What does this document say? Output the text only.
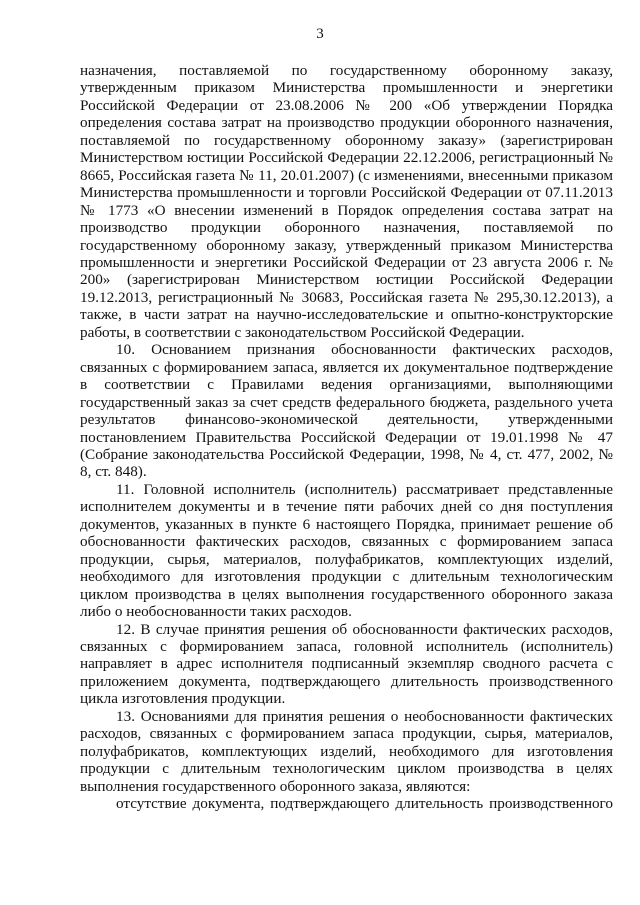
3

назначения, поставляемой по государственному оборонному заказу, утвержденным приказом Министерства промышленности и энергетики Российской Федерации от 23.08.2006 № 200 «Об утверждении Порядка определения состава затрат на производство продукции оборонного назначения, поставляемой по государственному оборонному заказу» (зарегистрирован Министерством юстиции Российской Федерации 22.12.2006, регистрационный № 8665, Российская газета № 11, 20.01.2007) (с изменениями, внесенными приказом Министерства промышленности и торговли Российской Федерации от 07.11.2013 № 1773 «О внесении изменений в Порядок определения состава затрат на производство продукции оборонного назначения, поставляемой по государственному оборонному заказу, утвержденный приказом Министерства промышленности и энергетики Российской Федерации от 23 августа 2006 г. № 200» (зарегистрирован Министерством юстиции Российской Федерации 19.12.2013, регистрационный № 30683, Российская газета № 295,30.12.2013), а также, в части затрат на научно-исследовательские и опытно-конструкторские работы, в соответствии с законодательством Российской Федерации.

10. Основанием признания обоснованности фактических расходов, связанных с формированием запаса, является их документальное подтверждение в соответствии с Правилами ведения организациями, выполняющими государственный заказ за счет средств федерального бюджета, раздельного учета результатов финансово-экономической деятельности, утвержденными постановлением Правительства Российской Федерации от 19.01.1998 № 47 (Собрание законодательства Российской Федерации, 1998, № 4, ст. 477, 2002, № 8, ст. 848).

11. Головной исполнитель (исполнитель) рассматривает представленные исполнителем документы и в течение пяти рабочих дней со дня поступления документов, указанных в пункте 6 настоящего Порядка, принимает решение об обоснованности фактических расходов, связанных с формированием запаса продукции, сырья, материалов, полуфабрикатов, комплектующих изделий, необходимого для изготовления продукции с длительным технологическим циклом производства в целях выполнения государственного оборонного заказа либо о необоснованности таких расходов.

12. В случае принятия решения об обоснованности фактических расходов, связанных с формированием запаса, головной исполнитель (исполнитель) направляет в адрес исполнителя подписанный экземпляр сводного расчета с приложением документа, подтверждающего длительность производственного цикла изготовления продукции.

13. Основаниями для принятия решения о необоснованности фактических расходов, связанных с формированием запаса продукции, сырья, материалов, полуфабрикатов, комплектующих изделий, необходимого для изготовления продукции с длительным технологическим циклом производства в целях выполнения государственного оборонного заказа, являются:

отсутствие документа, подтверждающего длительность производственного
